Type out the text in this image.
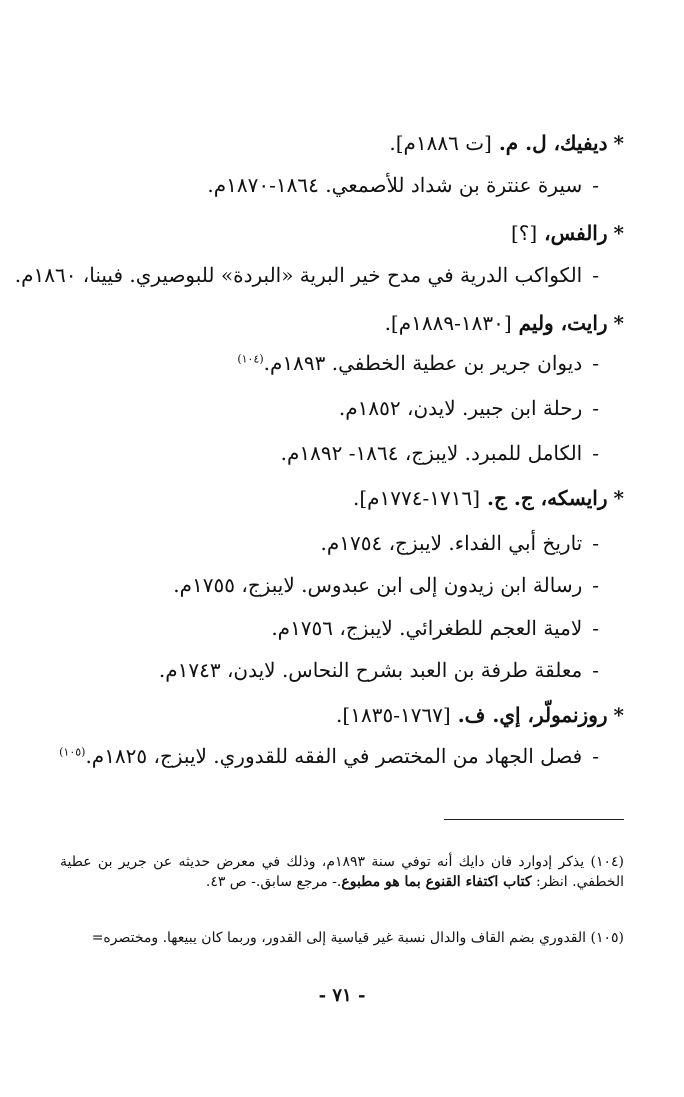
*ديفيك، ل. م. [ت ١٨٨٦م].
-سيرة عنترة بن شداد للأصمعي. ١٨٦٤-١٨٧٠م.
*رالفس، [؟]
-الكواكب الدرية في مدح خير البرية «البردة» للبوصيري. فيينا، ١٨٦٠م.
*رايت، وليم [١٨٣٠-١٨٨٩م].
-ديوان جرير بن عطية الخطفي. ١٨٩٣م.$^{(١٠٤)}$
-رحلة ابن جبير. لايدن، ١٨٥٢م.
-الكامل للمبرد. لايبزج، ١٨٦٤- ١٨٩٢م.
*رايسكه، ج. ج. [١٧١٦-١٧٧٤م].
-تاريخ أبي الفداء. لايبزج، ١٧٥٤م.
-رسالة ابن زيدون إلى ابن عبدوس. لايبزج، ١٧٥٥م.
-لامية العجم للطغرائي. لايبزج، ١٧٥٦م.
-معلقة طرفة بن العبد بشرح النحاس. لايدن، ١٧٤٣م.
*روزنمولّر، إي. ف. [١٧٦٧-١٨٣٥].
-فصل الجهاد من المختصر في الفقه للقدوري. لايبزج، ١٨٢٥م.$^{(١٠٥)}$
(١٠٤) يذكر إدوارد فان دايك أنه توفي سنة ١٨٩٣م، وذلك في معرض حديثه عن جرير بن عطية الخطفي. انظر: كتاب اكتفاء القنوع بما هو مطبوع.- مرجع سابق.- ص ٤٣.
(١٠٥) القدوري بضم القاف والدال نسبة غير قياسية إلى القدور، وربما كان يبيعها. ومختصره=
- ٧١ -
